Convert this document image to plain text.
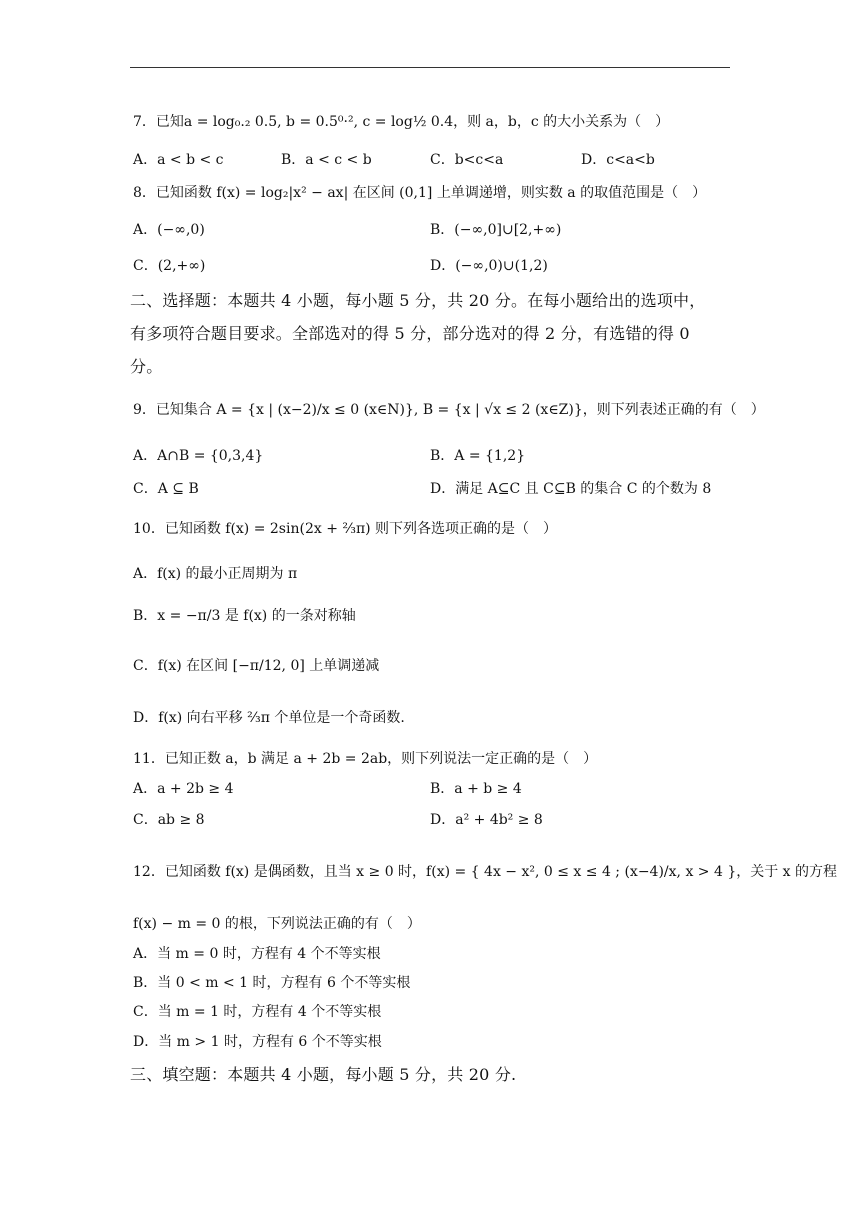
7．已知a = log₀.₂ 0.5, b = 0.5⁰·², c = log½ 0.4，则 a，b，c 的大小关系为（　）
A．a < b < c	B．a < c < b	C．b<c<a	D．c<a<b
8．已知函数 f(x) = log₂|x² − ax| 在区间 (0,1] 上单调递增，则实数 a 的取值范围是（　）
A．(−∞,0)	B．(−∞,0]∪[2,+∞)
C．(2,+∞)	D．(−∞,0)∪(1,2)
二、选择题：本题共 4 小题，每小题 5 分，共 20 分。在每小题给出的选项中，
有多项符合题目要求。全部选对的得 5 分，部分选对的得 2 分，有选错的得 0
分。
9．已知集合 A = {x | (x−2)/x ≤ 0 (x∈N)}, B = {x | √x ≤ 2 (x∈Z)}，则下列表述正确的有（　）
A．A∩B = {0,3,4}	B．A = {1,2}
C．A ⊆ B	D．满足 A⊆C 且 C⊆B 的集合 C 的个数为 8
10．已知函数 f(x) = 2sin(2x + ⅔π) 则下列各选项正确的是（　）
A．f(x) 的最小正周期为 π
B．x = −π/3 是 f(x) 的一条对称轴
C．f(x) 在区间 [−π/12, 0] 上单调递减
D．f(x) 向右平移 ⅔π 个单位是一个奇函数.
11．已知正数 a，b 满足 a + 2b = 2ab，则下列说法一定正确的是（　）
A．a + 2b ≥ 4	B．a + b ≥ 4
C．ab ≥ 8	D．a² + 4b² ≥ 8
12．已知函数 f(x) 是偶函数，且当 x ≥ 0 时，f(x) = { 4x − x², 0 ≤ x ≤ 4 ; (x−4)/x, x > 4 }，关于 x 的方程
f(x) − m = 0 的根，下列说法正确的有（　）
A．当 m = 0 时，方程有 4 个不等实根
B．当 0 < m < 1 时，方程有 6 个不等实根
C．当 m = 1 时，方程有 4 个不等实根
D．当 m > 1 时，方程有 6 个不等实根
三、填空题：本题共 4 小题，每小题 5 分，共 20 分.
